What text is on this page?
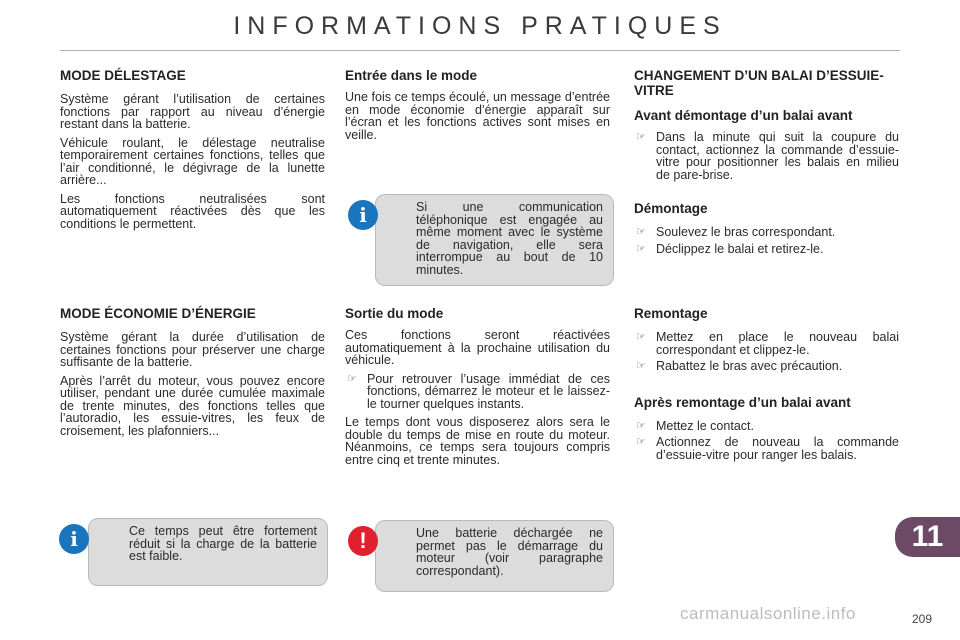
INFORMATIONS PRATIQUES
MODE DÉLESTAGE
Système gérant l’utilisation de certaines fonctions par rapport au niveau d’énergie restant dans la batterie.
Véhicule roulant, le délestage neutralise temporairement certaines fonctions, telles que l’air conditionné, le dégivrage de la lunette arrière...
Les fonctions neutralisées sont automatiquement réactivées dès que les conditions le permettent.
MODE ÉCONOMIE D’ÉNERGIE
Système gérant la durée d’utilisation de certaines fonctions pour préserver une charge suffisante de la batterie.
Après l’arrêt du moteur, vous pouvez encore utiliser, pendant une durée cumulée maximale de trente minutes, des fonctions telles que l’autoradio, les essuie-vitres, les feux de croisement, les plafonniers...
i	Ce temps peut être fortement réduit si la charge de la batterie est faible.
Entrée dans le mode
Une fois ce temps écoulé, un message d’entrée en mode économie d’énergie apparaît sur l’écran et les fonctions actives sont mises en veille.
i	Si une communication téléphonique est engagée au même moment avec le système de navigation, elle sera interrompue au bout de 10 minutes.
Sortie du mode
Ces fonctions seront réactivées automatiquement à la prochaine utilisation du véhicule.
☞ Pour retrouver l’usage immédiat de ces fonctions, démarrez le moteur et le laissez-le tourner quelques instants.
Le temps dont vous disposerez alors sera le double du temps de mise en route du moteur. Néanmoins, ce temps sera toujours compris entre cinq et trente minutes.
!	Une batterie déchargée ne permet pas le démarrage du moteur (voir paragraphe correspondant).
CHANGEMENT D’UN BALAI D’ESSUIE-VITRE
Avant démontage d’un balai avant
☞ Dans la minute qui suit la coupure du contact, actionnez la commande d’essuie-vitre pour positionner les balais en milieu de pare-brise.
Démontage
☞ Soulevez le bras correspondant.
☞ Déclippez le balai et retirez-le.
Remontage
☞ Mettez en place le nouveau balai correspondant et clippez-le.
☞ Rabattez le bras avec précaution.
Après remontage d’un balai avant
☞ Mettez le contact.
☞ Actionnez de nouveau la commande d’essuie-vitre pour ranger les balais.
11
carmanualsonline.info	209
